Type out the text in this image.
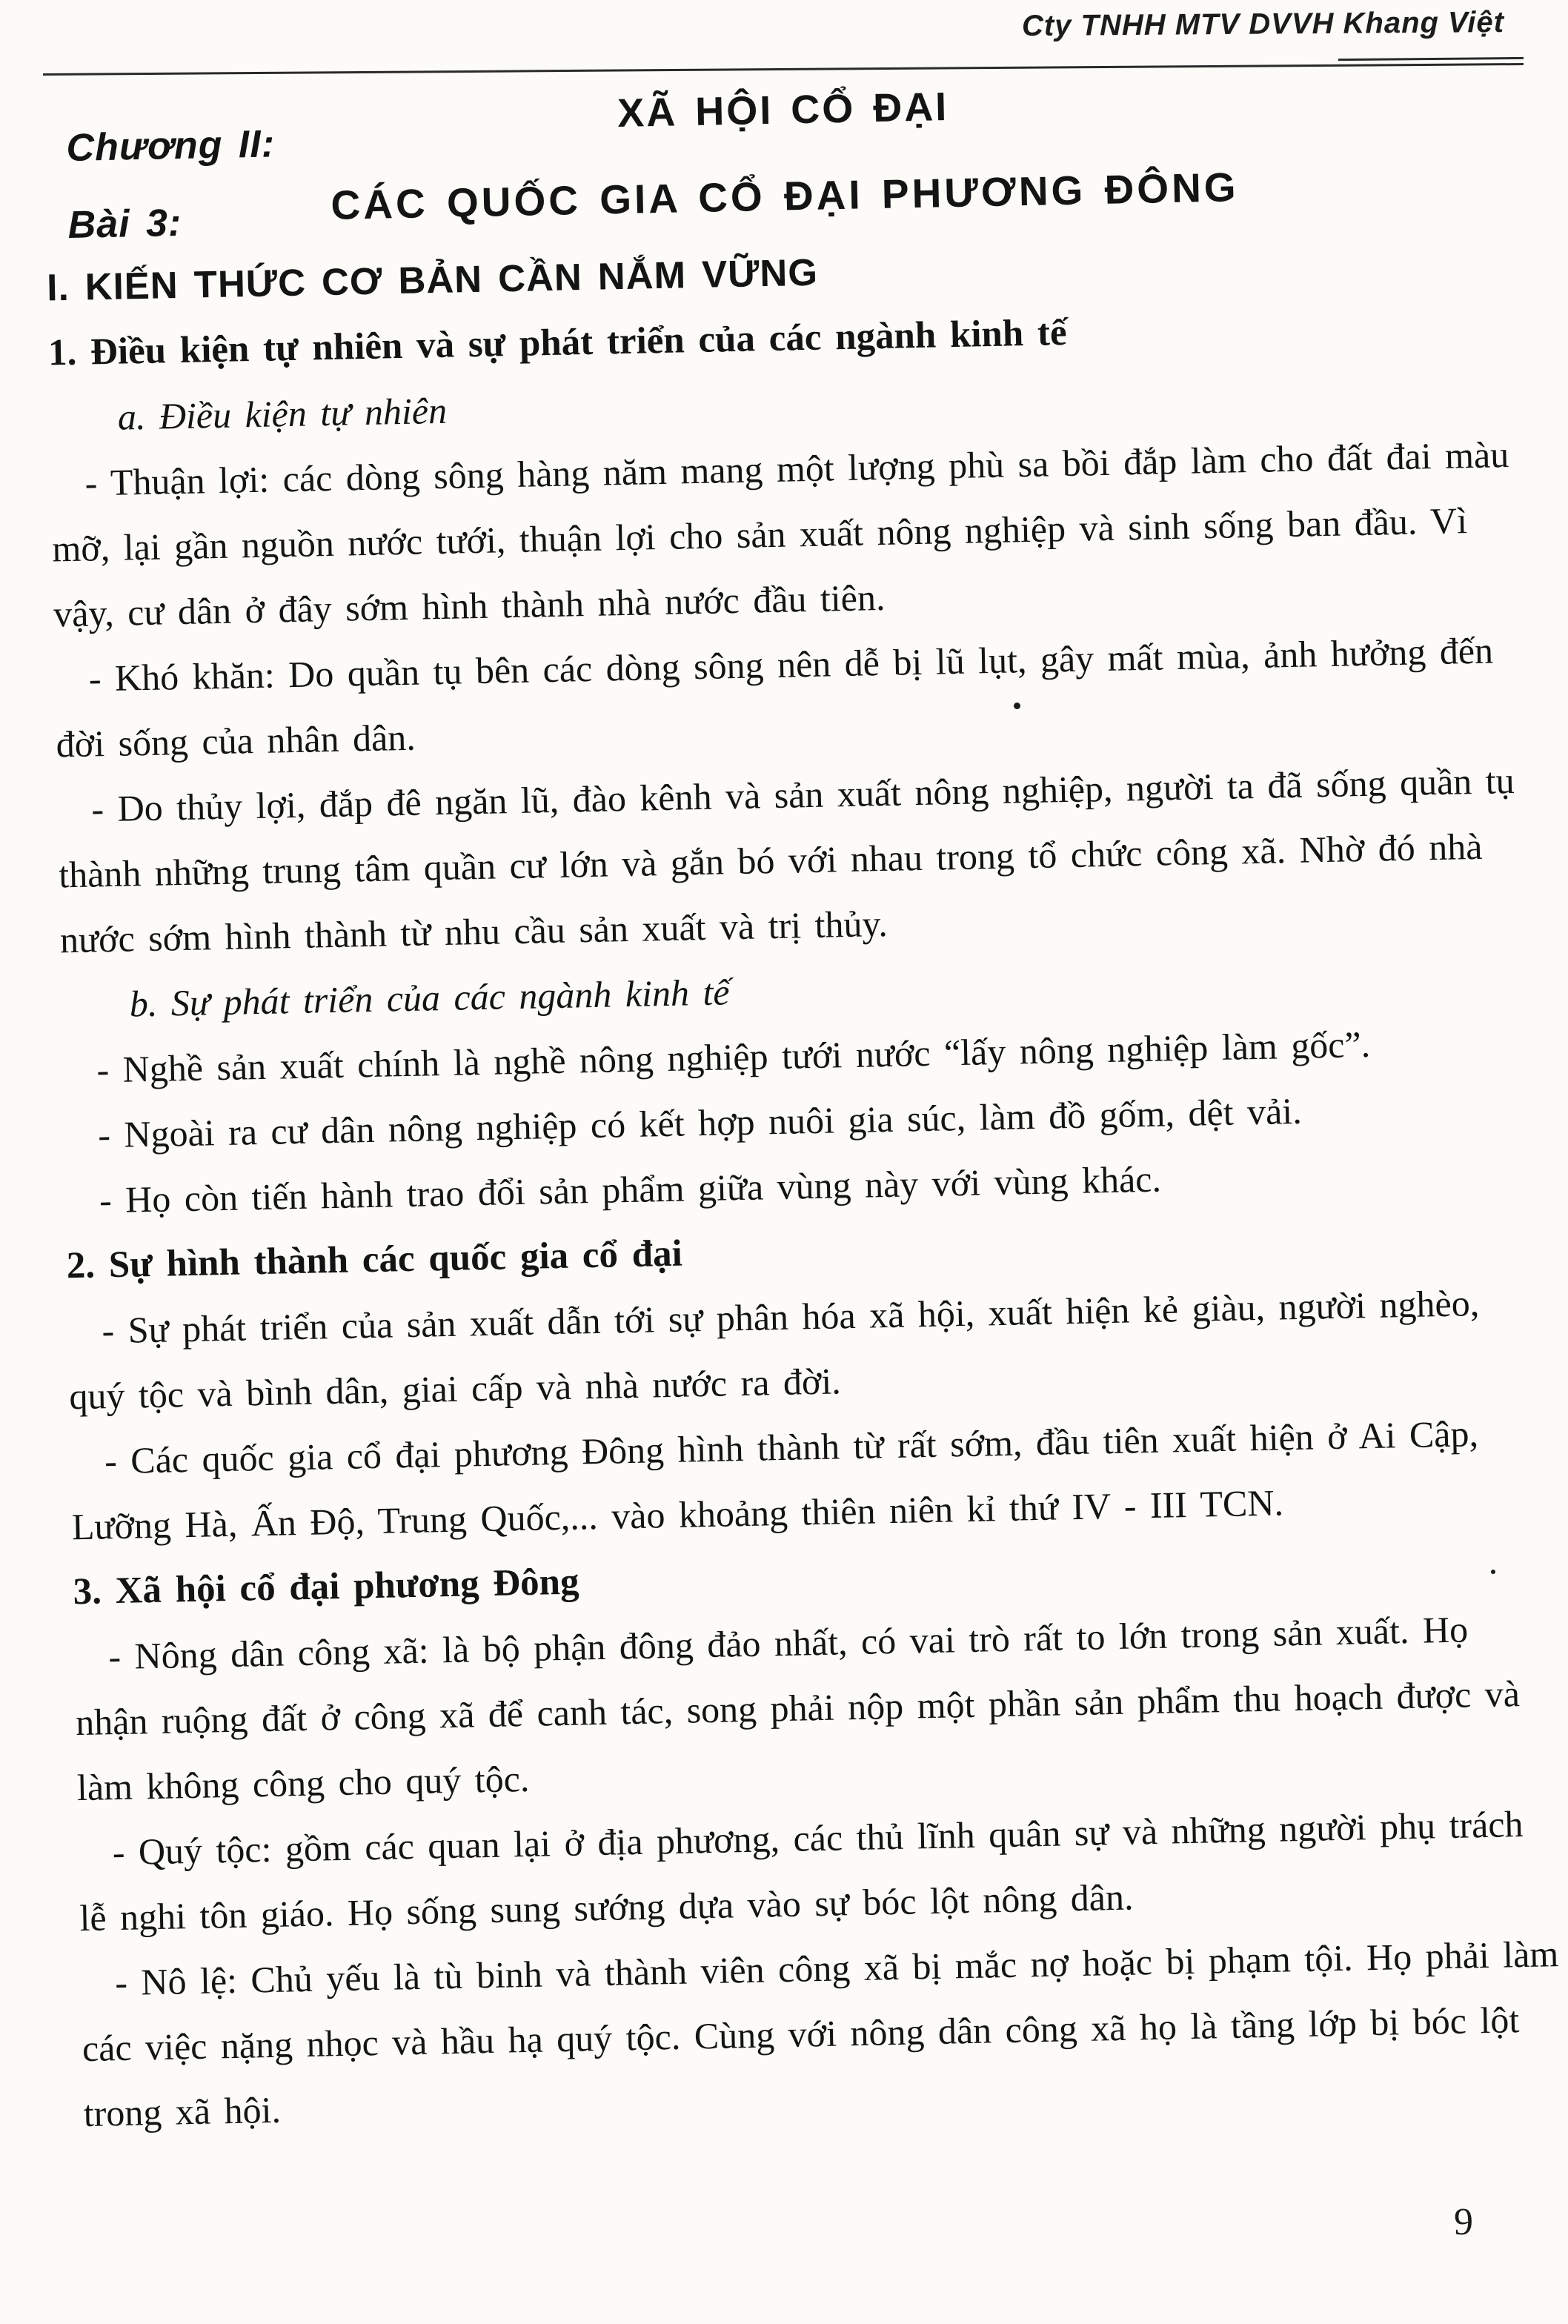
Cty TNHH MTV DVVH Khang Việt
Chương II:
XÃ HỘI CỔ ĐẠI
Bài 3:	CÁC QUỐC GIA CỔ ĐẠI PHƯƠNG ĐÔNG
I. KIẾN THỨC CƠ BẢN CẦN NẮM VỮNG
1. Điều kiện tự nhiên và sự phát triển của các ngành kinh tế

a. Điều kiện tự nhiên

- Thuận lợi: các dòng sông hàng năm mang một lượng phù sa bồi đắp làm cho đất đai màu mỡ, lại gần nguồn nước tưới, thuận lợi cho sản xuất nông nghiệp và sinh sống ban đầu. Vì vậy, cư dân ở đây sớm hình thành nhà nước đầu tiên.

- Khó khăn: Do quần tụ bên các dòng sông nên dễ bị lũ lụt, gây mất mùa, ảnh hưởng đến đời sống của nhân dân.

- Do thủy lợi, đắp đê ngăn lũ, đào kênh và sản xuất nông nghiệp, người ta đã sống quần tụ thành những trung tâm quần cư lớn và gắn bó với nhau trong tổ chức công xã. Nhờ đó nhà nước sớm hình thành từ nhu cầu sản xuất và trị thủy.

b. Sự phát triển của các ngành kinh tế

- Nghề sản xuất chính là nghề nông nghiệp tưới nước “lấy nông nghiệp làm gốc”.

- Ngoài ra cư dân nông nghiệp có kết hợp nuôi gia súc, làm đồ gốm, dệt vải.

- Họ còn tiến hành trao đổi sản phẩm giữa vùng này với vùng khác.

2. Sự hình thành các quốc gia cổ đại

- Sự phát triển của sản xuất dẫn tới sự phân hóa xã hội, xuất hiện kẻ giàu, người nghèo, quý tộc và bình dân, giai cấp và nhà nước ra đời.

- Các quốc gia cổ đại phương Đông hình thành từ rất sớm, đầu tiên xuất hiện ở Ai Cập, Lưỡng Hà, Ấn Độ, Trung Quốc,... vào khoảng thiên niên kỉ thứ IV - III TCN.

3. Xã hội cổ đại phương Đông

- Nông dân công xã: là bộ phận đông đảo nhất, có vai trò rất to lớn trong sản xuất. Họ nhận ruộng đất ở công xã để canh tác, song phải nộp một phần sản phẩm thu hoạch được và làm không công cho quý tộc.

- Quý tộc: gồm các quan lại ở địa phương, các thủ lĩnh quân sự và những người phụ trách lễ nghi tôn giáo. Họ sống sung sướng dựa vào sự bóc lột nông dân.

- Nô lệ: Chủ yếu là tù binh và thành viên công xã bị mắc nợ hoặc bị phạm tội. Họ phải làm các việc nặng nhọc và hầu hạ quý tộc. Cùng với nông dân công xã họ là tầng lớp bị bóc lột trong xã hội.

9
